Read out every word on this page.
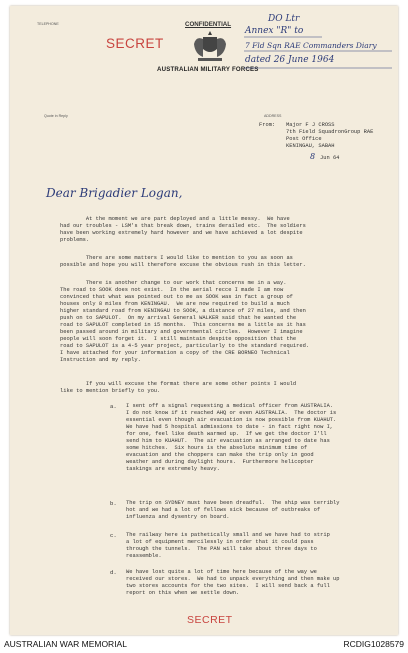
TELEPHONE	CONFIDENTIAL
AUSTRALIAN MILITARY FORCES
SECRET
DO Ltr
Annex "R" to
7 Fld Sqn RAE Commanders Diary
dated 26 June 1964
Quote in Reply	ADDRESS
From: Major F J CROSS
7th Field SquadronGroup RAE
Post Office
KENINGAU, SABAH
8 Jun 64
Dear Brigadier Logan,
At the moment we are part deployed and a little messy.  We have
had our troubles - LSM's that break down, trains derailed etc.  The soldiers
have been working extremely hard however and we have achieved a lot despite
problems.
There are some matters I would like to mention to you as soon as
possible and hope you will therefore excuse the obvious rush in this letter.
There is another change to our work that concerns me in a way.
The road to SOOK does not exist.  In the aerial recce I made I am now
convinced that what was pointed out to me as SOOK was in fact a group of
houses only 8 miles from KENINGAU.  We are now required to build a much
higher standard road from KENINGAU to SOOK, a distance of 27 miles, and then
push on to SAPULOT.  On my arrival General WALKER said that he wanted the
road to SAPULOT completed in 15 months.  This concerns me a little as it has
been passed around in military and governmental circles.  However I imagine
people will soon forget it.  I still maintain despite opposition that the
road to SAPULOT is a 4-5 year project, particularly to the standard required.
I have attached for your information a copy of the CRE BORNEO Technical
Instruction and my reply.
If you will excuse the format there are some other points I would
like to mention briefly to you.
a. I sent off a signal requesting a medical officer from AUSTRALIA.
I do not know if it reached AHQ or even AUSTRALIA.  The doctor is
essential even though air evacuation is now possible from KUAHUT.
We have had 5 hospital admissions to date - in fact right now I,
for one, feel like death warmed up.  If we get the doctor I'll
send him to KUAHUT.  The air evacuation as arranged to date has
some hitches.  Six hours is the absolute minimum time of
evacuation and the choppers can make the trip only in good
weather and during daylight hours.  Furthermore helicopter
taskings are extremely heavy.
b. The trip on SYDNEY must have been dreadful.  The ship was terribly
hot and we had a lot of fellows sick because of outbreaks of
influenza and dysentry on board.
c. The railway here is pathetically small and we have had to strip
a lot of equipment mercilessly in order that it could pass
through the tunnels.  The PAN will take about three days to
reassemble.
d. We have lost quite a lot of time here because of the way we
received our stores.  We had to unpack everything and then make up
two stores accounts for the two sites.  I will send back a full
report on this when we settle down.
SECRET
AUSTRALIAN WAR MEMORIAL	RCDIG1028579
